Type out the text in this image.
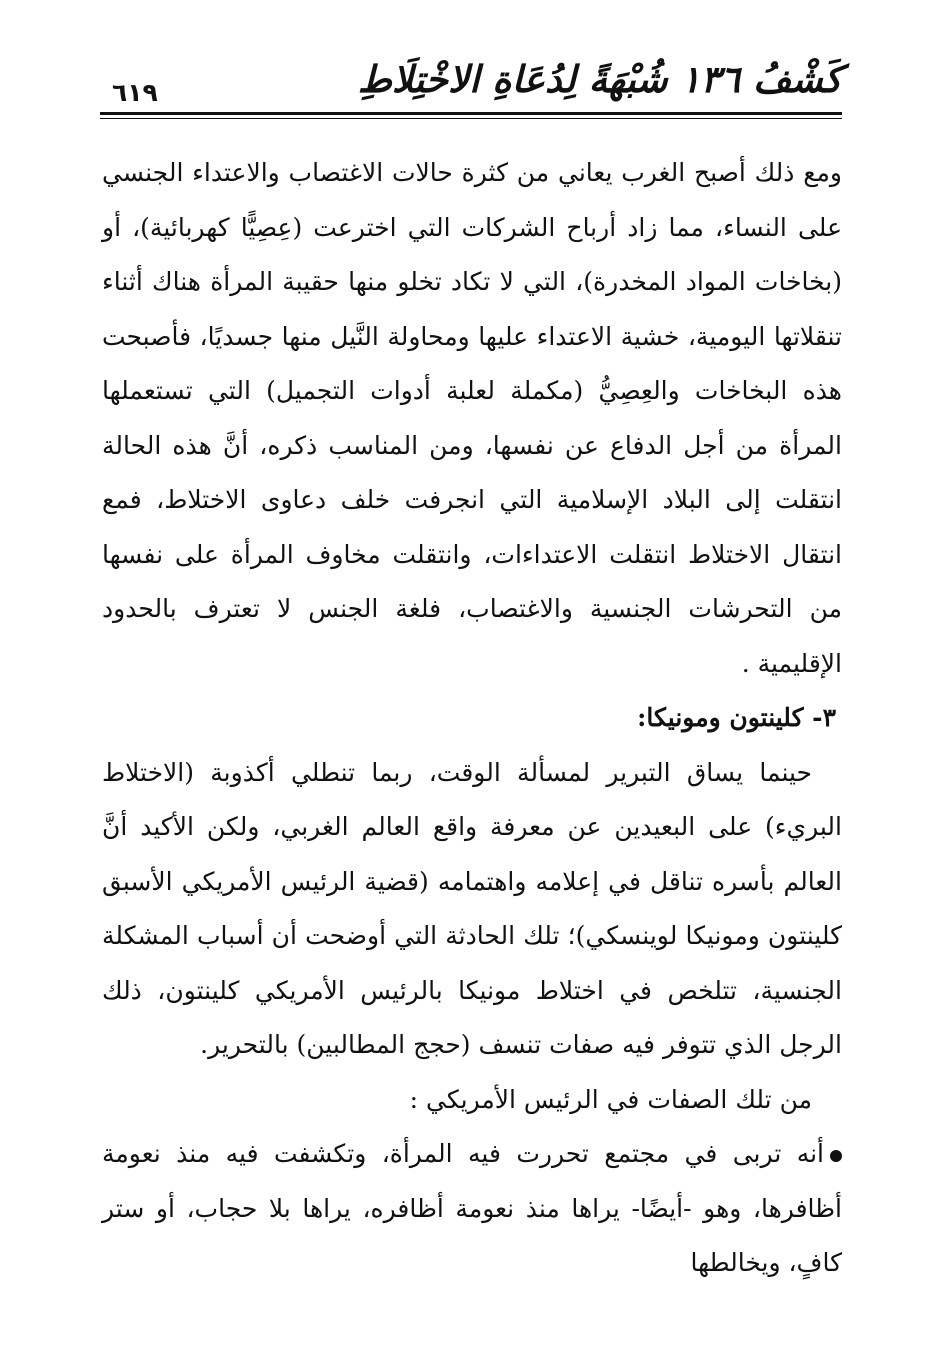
كَشْفُ ١٣٦ شُبْهَةً لِدُعَاةِ الاخْتِلَاطِ
٦١٩

ومع ذلك أصبح الغرب يعاني من كثرة حالات الاغتصاب والاعتداء الجنسي على النساء، مما زاد أرباح الشركات التي اخترعت (عِصِيًّا كهربائية)، أو (بخاخات المواد المخدرة)، التي لا تكاد تخلو منها حقيبة المرأة هناك أثناء تنقلاتها اليومية، خشية الاعتداء عليها ومحاولة النَّيل منها جسديًا، فأصبحت هذه البخاخات والعِصِيُّ (مكملة لعلبة أدوات التجميل) التي تستعملها المرأة من أجل الدفاع عن نفسها، ومن المناسب ذكره، أنَّ هذه الحالة انتقلت إلى البلاد الإسلامية التي انجرفت خلف دعاوى الاختلاط، فمع انتقال الاختلاط انتقلت الاعتداءات، وانتقلت مخاوف المرأة على نفسها من التحرشات الجنسية والاغتصاب، فلغة الجنس لا تعترف بالحدود الإقليمية .

٣- كلينتون ومونيكا:

حينما يساق التبرير لمسألة الوقت، ربما تنطلي أكذوبة (الاختلاط البريء) على البعيدين عن معرفة واقع العالم الغربي، ولكن الأكيد أنَّ العالم بأسره تناقل في إعلامه واهتمامه (قضية الرئيس الأمريكي الأسبق كلينتون ومونيكا لوينسكي)؛ تلك الحادثة التي أوضحت أن أسباب المشكلة الجنسية، تتلخص في اختلاط مونيكا بالرئيس الأمريكي كلينتون، ذلك الرجل الذي تتوفر فيه صفات تنسف (حجج المطالبين) بالتحرير.

من تلك الصفات في الرئيس الأمريكي :

أنه تربى في مجتمع تحررت فيه المرأة، وتكشفت فيه منذ نعومة أظافرها، وهو -أيضًا- يراها منذ نعومة أظافره، يراها بلا حجاب، أو ستر كافٍ، ويخالطها
